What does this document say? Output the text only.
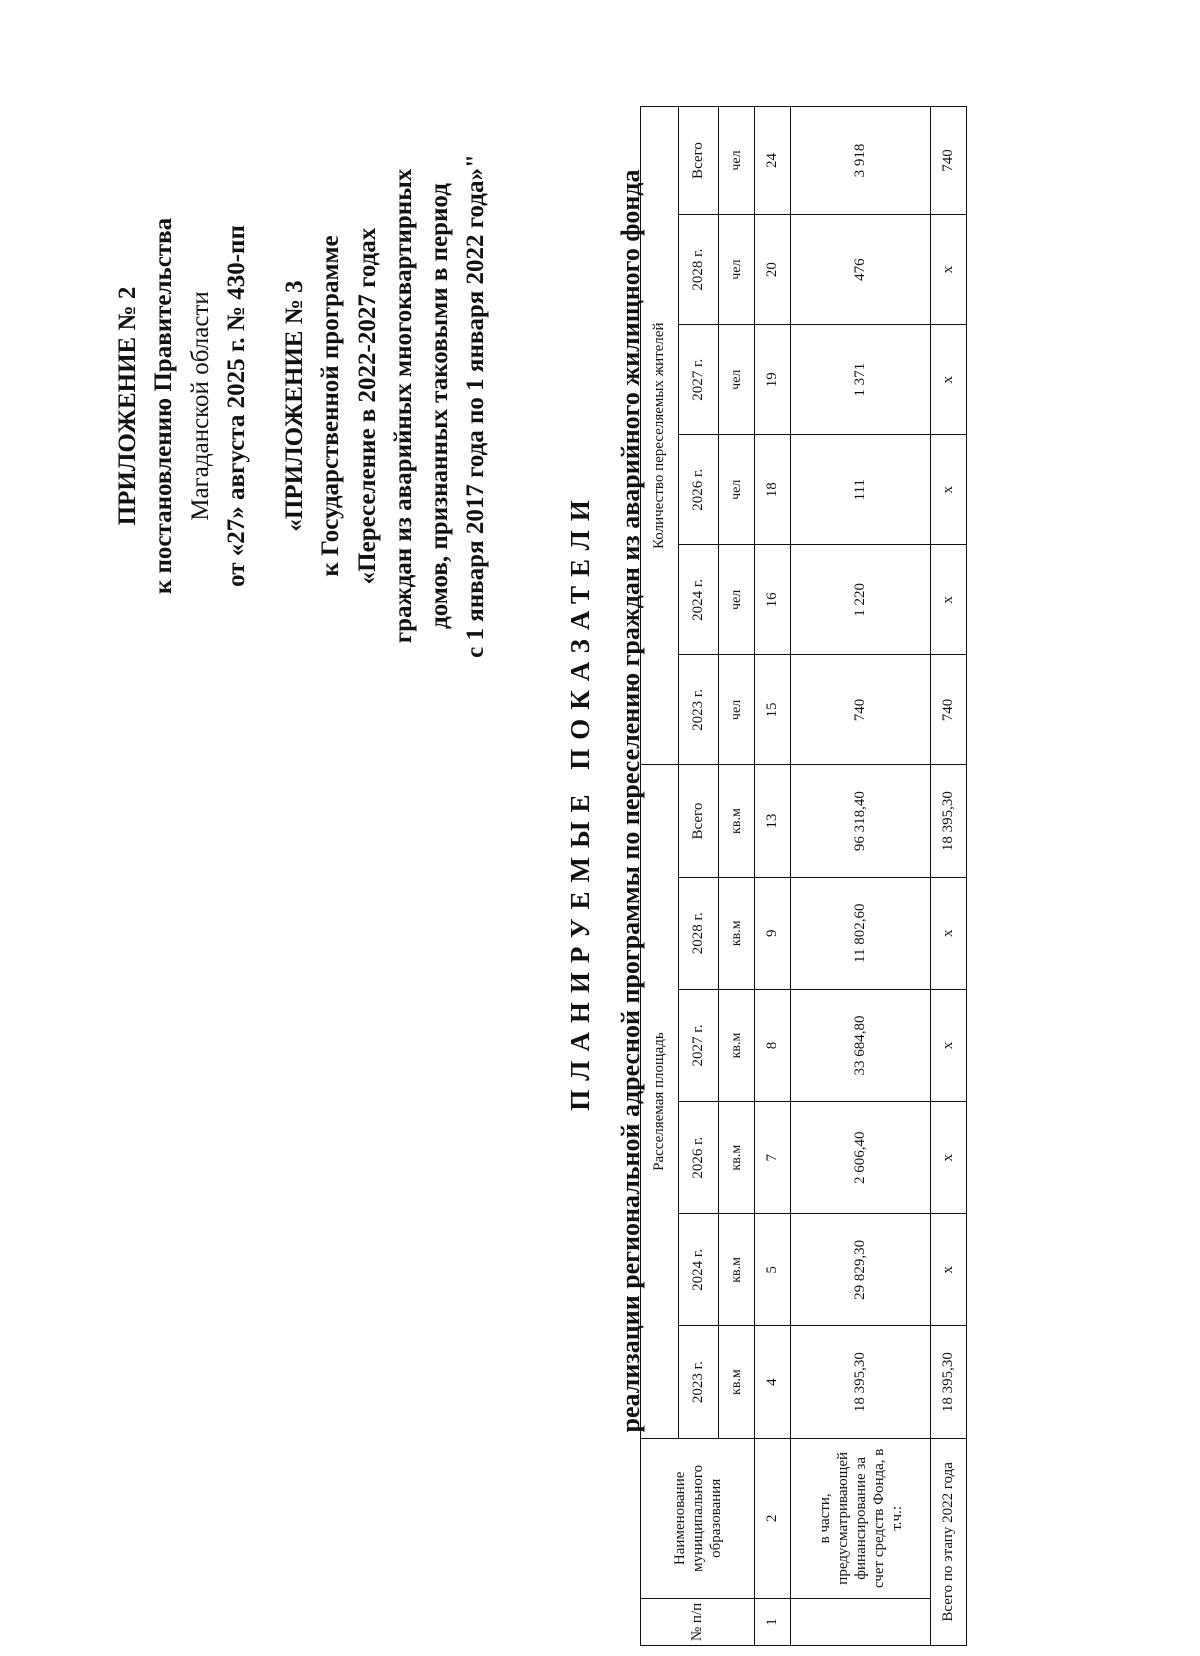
ПРИЛОЖЕНИЕ № 2 к постановлению Правительства Магаданской области от «27» августа 2025 г. № 430-пп «ПРИЛОЖЕНИЕ № 3 к Государственной программе «Переселение в 2022-2027 годах граждан из аварийных многоквартирных домов, признанных таковыми в период с 1 января 2017 года по 1 января 2022 года»"
ПЛАНИРУЕМЫЕ ПОКАЗАТЕЛИ реализации региональной адресной программы по переселению граждан из аварийного жилищного фонда
№ п/п	Наименование муниципального образования	Расселяемая площадь						Количество переселяемых жителей					
		2023 г.	2024 г.	2026 г.	2027 г.	2028 г.	Всего	2023 г.	2024 г.	2026 г.	2027 г.	2028 г.	Всего
		кв.м	кв.м	кв.м	кв.м	кв.м	кв.м	чел	чел	чел	чел	чел	чел
1	2	4	5	7	8	9	13	15	16	18	19	20	24
	в части, предусматривающей финансирование за счет средств Фонда, в т.ч.:	18 395,30	29 829,30	2 606,40	33 684,80	11 802,60	96 318,40	740	1 220	111	1 371	476	3 918
Всего по этапу 2022 года		18 395,30	x	x	x	x	18 395,30	740	x	x	x	x	740
